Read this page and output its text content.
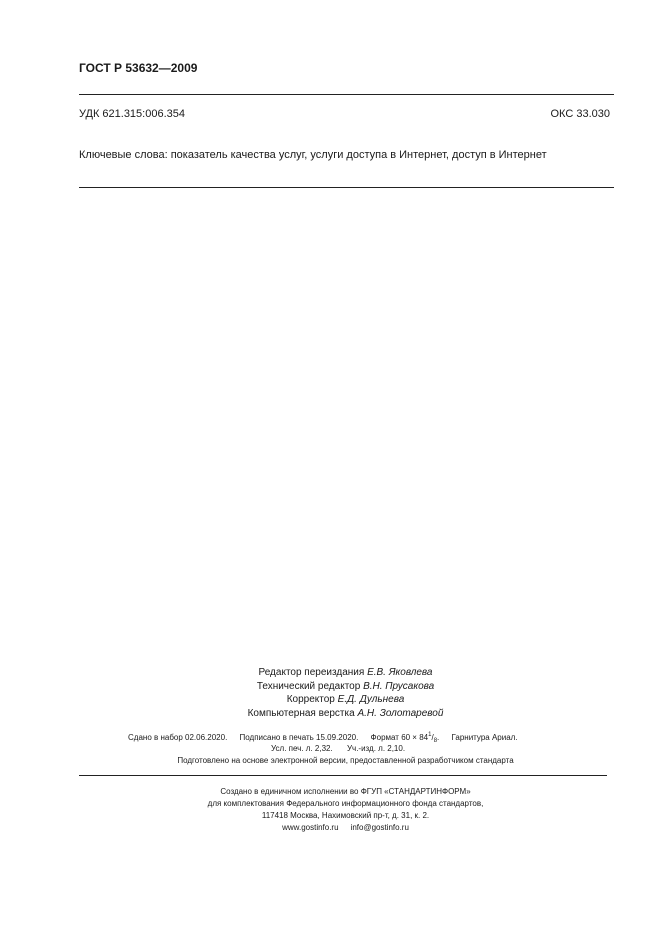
ГОСТ Р 53632—2009
УДК 621.315:006.354	ОКС 33.030
Ключевые слова: показатель качества услуг, услуги доступа в Интернет, доступ в Интернет
Редактор переиздания Е.В. Яковлева
Технический редактор В.Н. Прусакова
Корректор Е.Д. Дульнева
Компьютерная верстка А.Н. Золотаревой
Сдано в набор 02.06.2020. Подписано в печать 15.09.2020. Формат $60 \times 84^1/_8$. Гарнитура Ариал.
Усл. печ. л. 2,32. Уч.-изд. л. 2,10.
Подготовлено на основе электронной версии, предоставленной разработчиком стандарта
Создано в единичном исполнении во ФГУП «СТАНДАРТИНФОРМ»
для комплектования Федерального информационного фонда стандартов,
117418 Москва, Нахимовский пр-т, д. 31, к. 2.
www.gostinfo.ru info@gostinfo.ru
